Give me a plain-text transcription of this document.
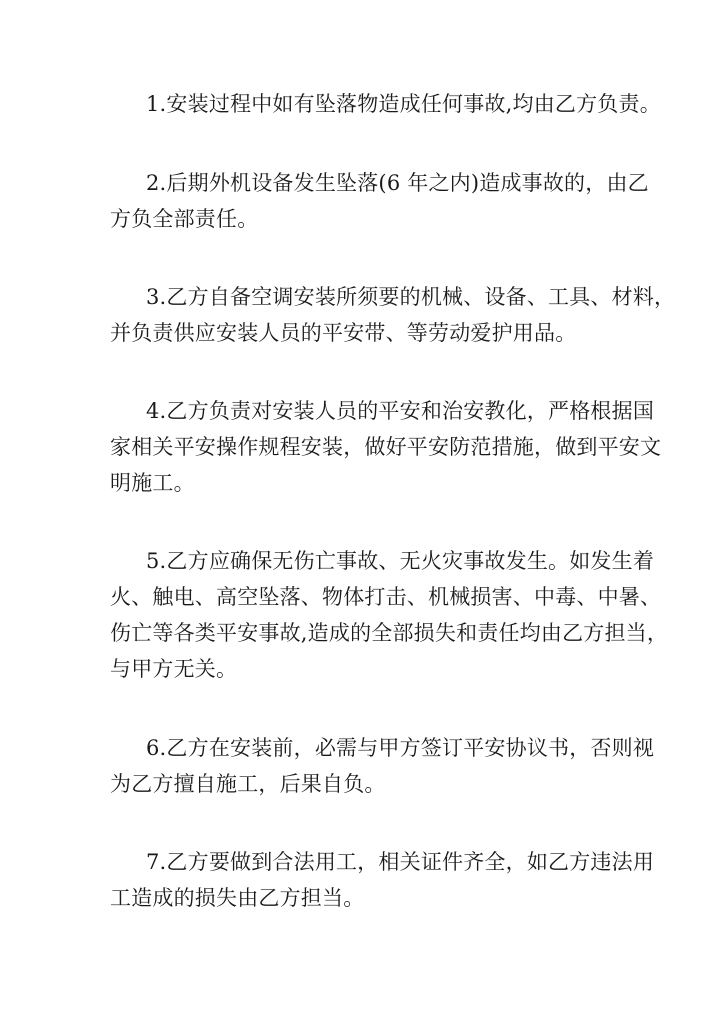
1.安装过程中如有坠落物造成任何事故,均由乙方负责。
2.后期外机设备发生坠落(6 年之内)造成事故的，由乙
方负全部责任。
3.乙方自备空调安装所须要的机械、设备、工具、材料，
并负责供应安装人员的平安带、等劳动爱护用品。
4.乙方负责对安装人员的平安和治安教化，严格根据国
家相关平安操作规程安装，做好平安防范措施，做到平安文
明施工。
5.乙方应确保无伤亡事故、无火灾事故发生。如发生着
火、触电、高空坠落、物体打击、机械损害、中毒、中暑、
伤亡等各类平安事故,造成的全部损失和责任均由乙方担当，
与甲方无关。
6.乙方在安装前，必需与甲方签订平安协议书，否则视
为乙方擅自施工，后果自负。
7.乙方要做到合法用工，相关证件齐全，如乙方违法用
工造成的损失由乙方担当。
